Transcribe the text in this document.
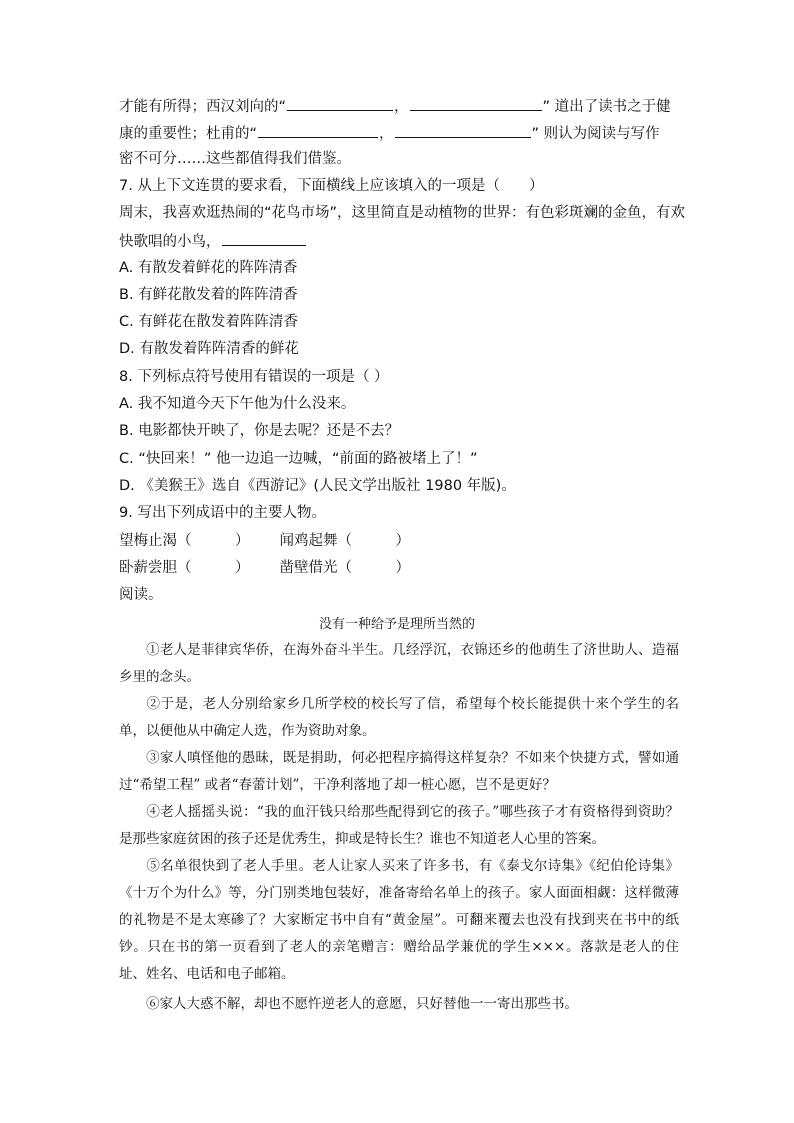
才能有所得；西汉刘向的“	，	” 道出了读书之于健
康的重要性；杜甫的“	，	” 则认为阅读与写作
密不可分……这些都值得我们借鉴。
7. 从上下文连贯的要求看，下面横线上应该填入的一项是（　　）
周末，我喜欢逛热闹的“花鸟市场”，这里简直是动植物的世界：有色彩斑斓的金鱼，有欢
快歌唱的小鸟，
A. 有散发着鲜花的阵阵清香
B. 有鲜花散发着的阵阵清香
C. 有鲜花在散发着阵阵清香
D. 有散发着阵阵清香的鲜花
8. 下列标点符号使用有错误的一项是（ ）
A. 我不知道今天下午他为什么没来。
B. 电影都快开映了，你是去呢？还是不去？
C. “快回来！” 他一边追一边喊，“前面的路被堵上了！”
D. 《美猴王》选自《西游记》(人民文学出版社 1980 年版)。
9. 写出下列成语中的主要人物。
望梅止渴（　　　） 闻鸡起舞（　　　）
卧薪尝胆（　　　） 凿壁借光（　　　）
阅读。
没有一种给予是理所当然的
①老人是菲律宾华侨，在海外奋斗半生。几经浮沉，衣锦还乡的他萌生了济世助人、造福乡里的念头。
②于是，老人分别给家乡几所学校的校长写了信，希望每个校长能提供十来个学生的名单，以便他从中确定人选，作为资助对象。
③家人嗔怪他的愚昧，既是捐助，何必把程序搞得这样复杂？不如来个快捷方式，譬如通过“希望工程” 或者“春蕾计划”，干净利落地了却一桩心愿，岂不是更好？
④老人摇摇头说：“我的血汗钱只给那些配得到它的孩子。”哪些孩子才有资格得到资助？是那些家庭贫困的孩子还是优秀生，抑或是特长生？谁也不知道老人心里的答案。
⑤名单很快到了老人手里。老人让家人买来了许多书，有《泰戈尔诗集》《纪伯伦诗集》《十万个为什么》等，分门别类地包装好，准备寄给名单上的孩子。家人面面相觑：这样微薄的礼物是不是太寒碜了？大家断定书中自有“黄金屋”。可翻来覆去也没有找到夹在书中的纸钞。只在书的第一页看到了老人的亲笔赠言：赠给品学兼优的学生×××。落款是老人的住址、姓名、电话和电子邮箱。
⑥家人大惑不解，却也不愿忤逆老人的意愿，只好替他一一寄出那些书。
